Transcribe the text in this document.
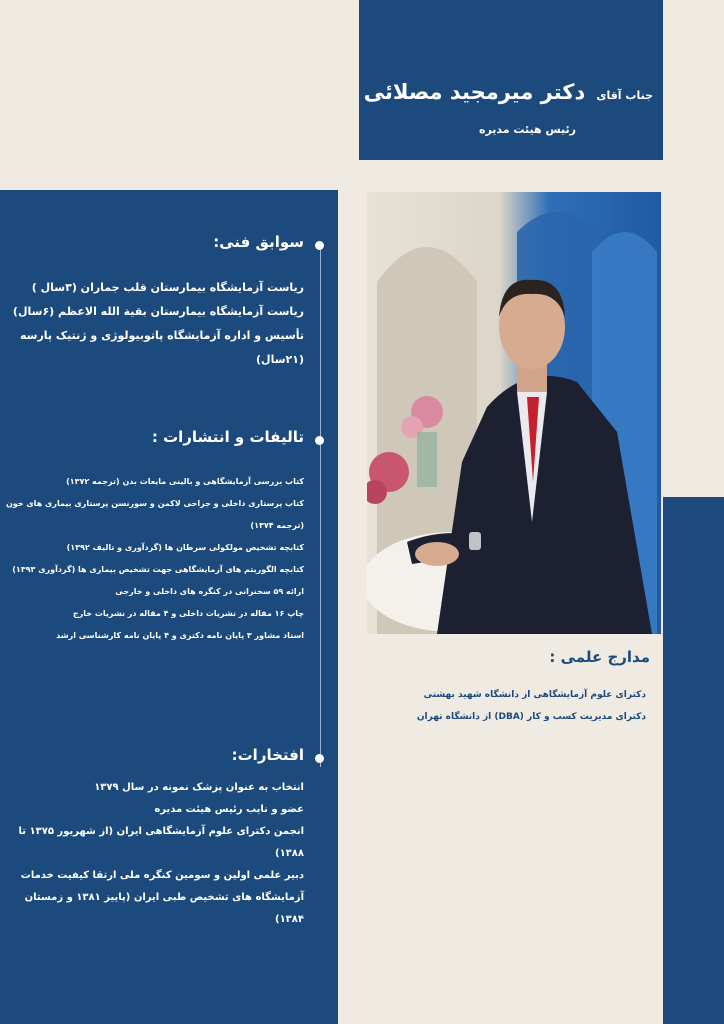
جناب آقای دکتر میرمجید مصلائی
رئیس هیئت مدیره
سوابق فنی:

ریاست آزمایشگاه بیمارستان قلب جماران (۳سال )

ریاست آزمایشگاه بیمارستان بقیة الله الاعظم (۶سال)

تأسیس و اداره آزمایشگاه پاتوبیولوژی و ژنتیک پارسه

(۲۱سال)

تالیفات و انتشارات :

کتاب بررسی آزمایشگاهی و بالینی مایعات بدن (ترجمه ۱۳۷۲)

کتاب پرستاری داخلی و جراحی لاکمن و سورنسن پرستاری بیماری های خون

(ترجمه ۱۳۷۴)

کتابچه تشخیص مولکولی سرطان ها (گردآوری و تالیف ۱۳۹۲)

کتابچه الگوریتم های آزمایشگاهی جهت تشخیص بیماری ها (گردآوری ۱۳۹۳)

ارائه ۵۹ سخنرانی در کنگره های داخلی و خارجی

چاپ ۱۶ مقاله در نشریات داخلی و ۴ مقاله در نشریات خارج

استاد مشاور ۳ پایان نامه دکتری و ۴ پایان نامه کارشناسی ارشد

افتخارات:

انتخاب به عنوان پزشک نمونه در سال ۱۳۷۹

عضو و نایب رئیس هیئت مدیره

انجمن دکترای علوم آزمایشگاهی ایران (از شهریور ۱۳۷۵ تا ۱۳۸۸)

دبیر علمی اولین و سومین کنگره ملی ارتقا کیفیت خدمات

آزمایشگاه های تشخیص طبی ایران (پاییز ۱۳۸۱ و زمستان ۱۳۸۴)

مدارج علمی :

دکترای علوم آزمایشگاهی از دانشگاه شهید بهشتی

دکترای مدیریت کسب و کار (DBA) از دانشگاه تهران
